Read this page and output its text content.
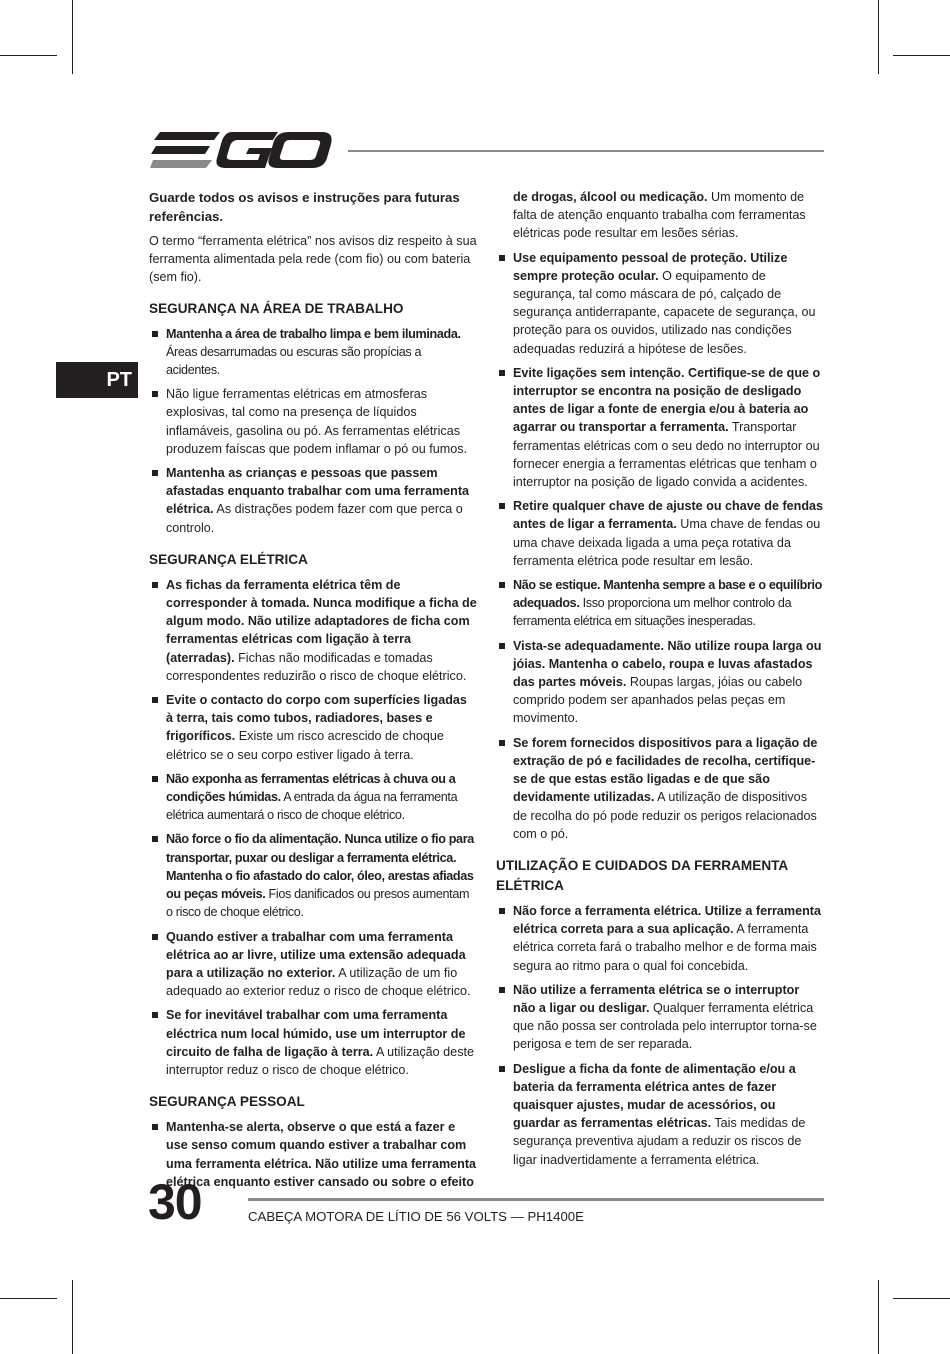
PT

Guarde todos os avisos e instruções para futuras referências.

O termo “ferramenta elétrica” nos avisos diz respeito à sua ferramenta alimentada pela rede (com fio) ou com bateria (sem fio).

SEGURANÇA NA ÁREA DE TRABALHO
Mantenha a área de trabalho limpa e bem iluminada. Áreas desarrumadas ou escuras são propícias a acidentes.
Não ligue ferramentas elétricas em atmosferas explosivas, tal como na presença de líquidos inflamáveis, gasolina ou pó. As ferramentas elétricas produzem faíscas que podem inflamar o pó ou fumos.
Mantenha as crianças e pessoas que passem afastadas enquanto trabalhar com uma ferramenta elétrica. As distrações podem fazer com que perca o controlo.
SEGURANÇA ELÉTRICA
As fichas da ferramenta elétrica têm de corresponder à tomada. Nunca modifique a ficha de algum modo. Não utilize adaptadores de ficha com ferramentas elétricas com ligação à terra (aterradas). Fichas não modificadas e tomadas correspondentes reduzirão o risco de choque elétrico.
Evite o contacto do corpo com superfícies ligadas à terra, tais como tubos, radiadores, bases e frigoríficos. Existe um risco acrescido de choque elétrico se o seu corpo estiver ligado à terra.
Não exponha as ferramentas elétricas à chuva ou a condições húmidas. A entrada da água na ferramenta elétrica aumentará o risco de choque elétrico.
Não force o fio da alimentação. Nunca utilize o fio para transportar, puxar ou desligar a ferramenta elétrica. Mantenha o fio afastado do calor, óleo, arestas afiadas ou peças móveis. Fios danificados ou presos aumentam o risco de choque elétrico.
Quando estiver a trabalhar com uma ferramenta elétrica ao ar livre, utilize uma extensão adequada para a utilização no exterior. A utilização de um fio adequado ao exterior reduz o risco de choque elétrico.
Se for inevitável trabalhar com uma ferramenta eléctrica num local húmido, use um interruptor de circuito de falha de ligação à terra. A utilização deste interruptor reduz o risco de choque elétrico.
SEGURANÇA PESSOAL
Mantenha-se alerta, observe o que está a fazer e use senso comum quando estiver a trabalhar com uma ferramenta elétrica. Não utilize uma ferramenta elétrica enquanto estiver cansado ou sobre o efeito
de drogas, álcool ou medicação. Um momento de falta de atenção enquanto trabalha com ferramentas elétricas pode resultar em lesões sérias.
Use equipamento pessoal de proteção. Utilize sempre proteção ocular. O equipamento de segurança, tal como máscara de pó, calçado de segurança antiderrapante, capacete de segurança, ou proteção para os ouvidos, utilizado nas condições adequadas reduzirá a hipótese de lesões.
Evite ligações sem intenção. Certifique-se de que o interruptor se encontra na posição de desligado antes de ligar a fonte de energia e/ou à bateria ao agarrar ou transportar a ferramenta. Transportar ferramentas elétricas com o seu dedo no interruptor ou fornecer energia a ferramentas elétricas que tenham o interruptor na posição de ligado convida a acidentes.
Retire qualquer chave de ajuste ou chave de fendas antes de ligar a ferramenta. Uma chave de fendas ou uma chave deixada ligada a uma peça rotativa da ferramenta elétrica pode resultar em lesão.
Não se estique. Mantenha sempre a base e o equilíbrio adequados. Isso proporciona um melhor controlo da ferramenta elétrica em situações inesperadas.
Vista-se adequadamente. Não utilize roupa larga ou jóias. Mantenha o cabelo, roupa e luvas afastados das partes móveis. Roupas largas, jóias ou cabelo comprido podem ser apanhados pelas peças em movimento.
Se forem fornecidos dispositivos para a ligação de extração de pó e facilidades de recolha, certifique-se de que estas estão ligadas e de que são devidamente utilizadas. A utilização de dispositivos de recolha do pó pode reduzir os perigos relacionados com o pó.
UTILIZAÇÃO E CUIDADOS DA FERRAMENTA ELÉTRICA
Não force a ferramenta elétrica. Utilize a ferramenta elétrica correta para a sua aplicação. A ferramenta elétrica correta fará o trabalho melhor e de forma mais segura ao ritmo para o qual foi concebida.
Não utilize a ferramenta elétrica se o interruptor não a ligar ou desligar. Qualquer ferramenta elétrica que não possa ser controlada pelo interruptor torna-se perigosa e tem de ser reparada.
Desligue a ficha da fonte de alimentação e/ou a bateria da ferramenta elétrica antes de fazer quaisquer ajustes, mudar de acessórios, ou guardar as ferramentas elétricas. Tais medidas de segurança preventiva ajudam a reduzir os riscos de ligar inadvertidamente a ferramenta elétrica.
30	CABEÇA MOTORA DE LÍTIO DE 56 VOLTS — PH1400E
